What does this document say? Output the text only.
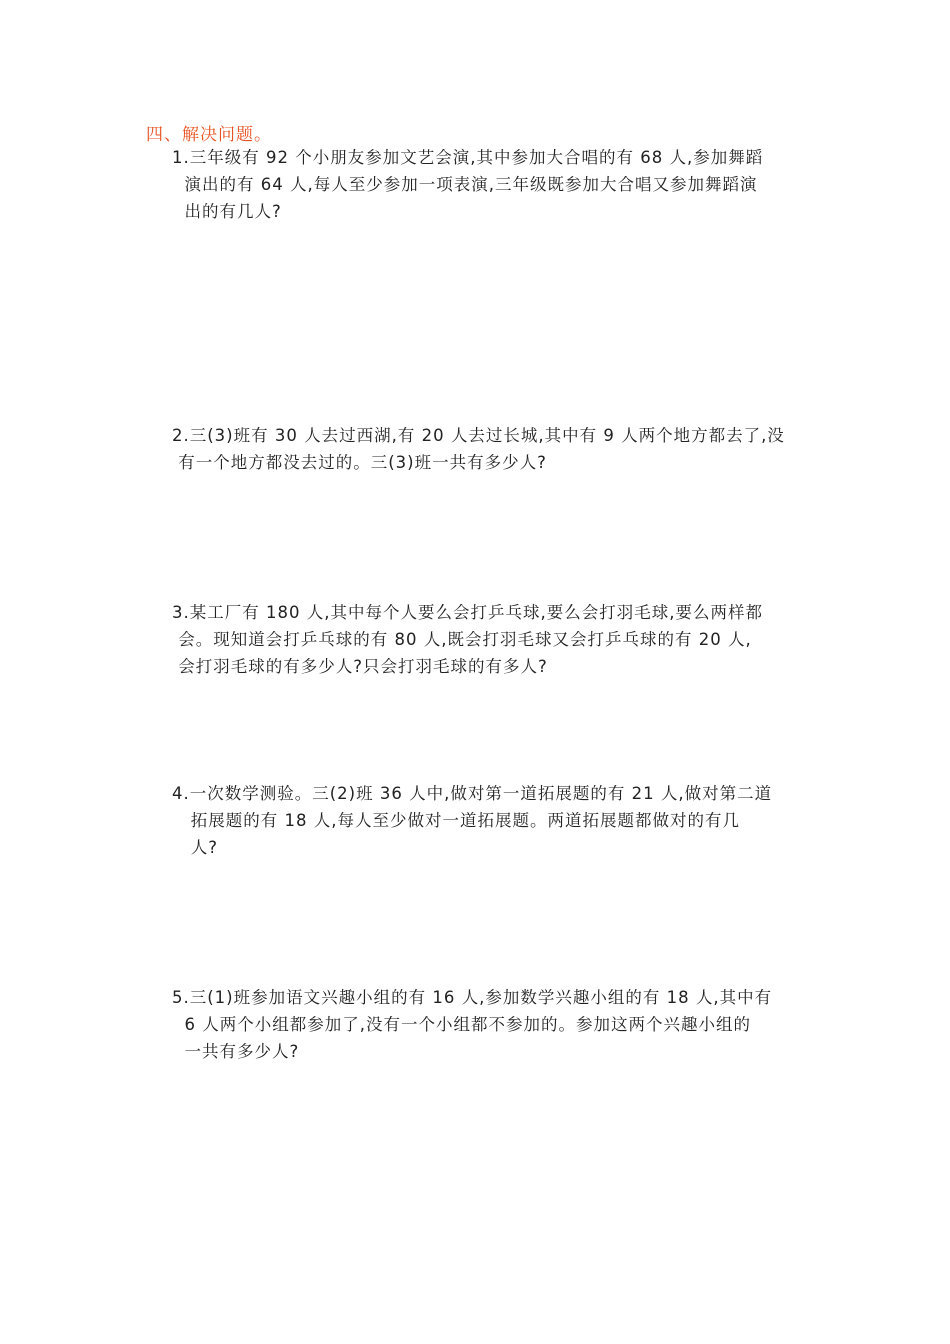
四、解决问题。
1.三年级有 92 个小朋友参加文艺会演,其中参加大合唱的有 68 人,参加舞蹈
演出的有 64 人,每人至少参加一项表演,三年级既参加大合唱又参加舞蹈演
出的有几人?
2.三(3)班有 30 人去过西湖,有 20 人去过长城,其中有 9 人两个地方都去了,没
有一个地方都没去过的。三(3)班一共有多少人?
3.某工厂有 180 人,其中每个人要么会打乒乓球,要么会打羽毛球,要么两样都
会。现知道会打乒乓球的有 80 人,既会打羽毛球又会打乒乓球的有 20 人,
会打羽毛球的有多少人?只会打羽毛球的有多人?
4.一次数学测验。三(2)班 36 人中,做对第一道拓展题的有 21 人,做对第二道
拓展题的有 18 人,每人至少做对一道拓展题。两道拓展题都做对的有几
人?
5.三(1)班参加语文兴趣小组的有 16 人,参加数学兴趣小组的有 18 人,其中有
6 人两个小组都参加了,没有一个小组都不参加的。参加这两个兴趣小组的
一共有多少人?
